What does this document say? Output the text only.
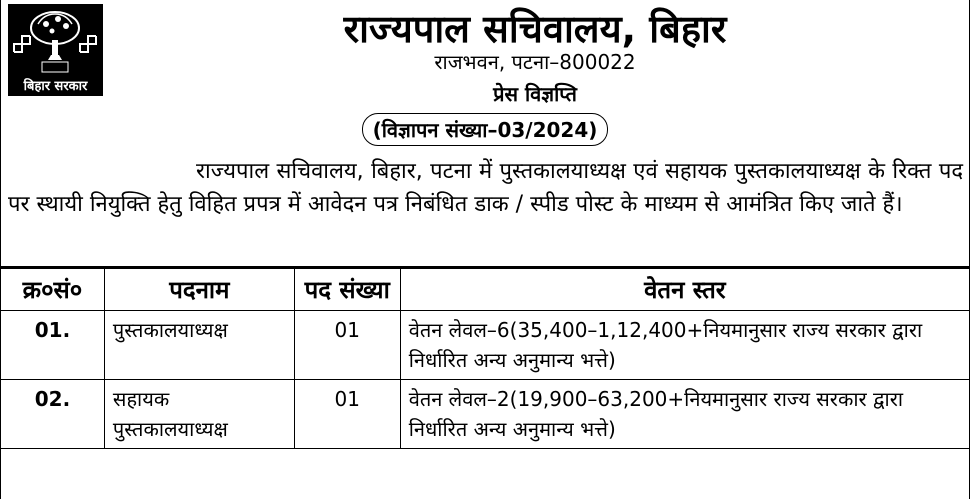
बिहार सरकार
राज्यपाल सचिवालय, बिहार
राजभवन, पटना–800022
प्रेस विज्ञप्ति
(विज्ञापन संख्या–03/2024)
राज्यपाल सचिवालय, बिहार, पटना में पुस्तकालयाध्यक्ष एवं सहायक पुस्तकालयाध्यक्ष के रिक्त पद पर स्थायी नियुक्ति हेतु विहित प्रपत्र में आवेदन पत्र निबंधित डाक / स्पीड पोस्ट के माध्यम से आमंत्रित किए जाते हैं।
क्र०सं०	पदनाम	पद संख्या	वेतन स्तर
01.	पुस्तकालयाध्यक्ष	01	वेतन लेवल–6(35,400–1,12,400+नियमानुसार राज्य सरकार द्वारा निर्धारित अन्य अनुमान्य भत्ते)
02.	सहायक पुस्तकालयाध्यक्ष	01	वेतन लेवल–2(19,900–63,200+नियमानुसार राज्य सरकार द्वारा निर्धारित अन्य अनुमान्य भत्ते)
